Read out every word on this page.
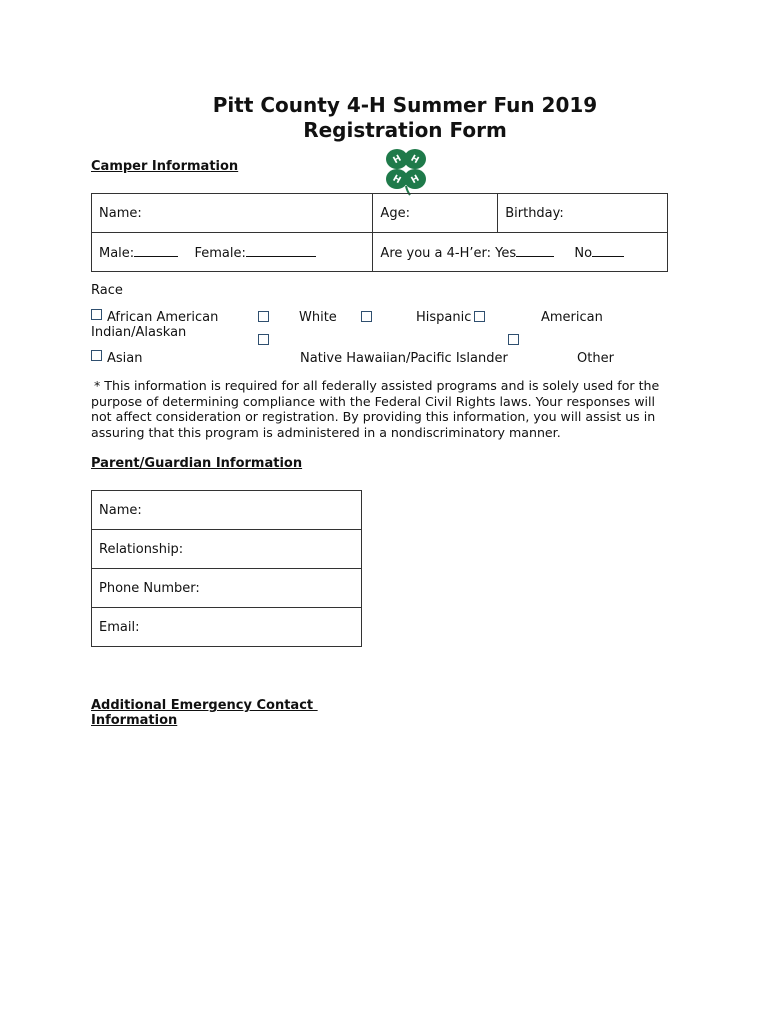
Pitt County 4-H Summer Fun 2019
Registration Form
H H
H H
Camper Information
Name:	Age:	Birthday:
Male: Female:	Are you a 4-H’er: Yes No	
Race
African American
Indian/Alaskan
White	Hispanic	American
Asian	Native Hawaiian/Pacific Islander	Other
* This information is required for all federally assisted programs and is solely used for the
purpose of determining compliance with the Federal Civil Rights laws. Your responses will
not affect consideration or registration. By providing this information, you will assist us in
assuring that this program is administered in a nondiscriminatory manner.
Parent/Guardian Information
Name:
Relationship:
Phone Number:
Email:
Additional Emergency Contact
Information
